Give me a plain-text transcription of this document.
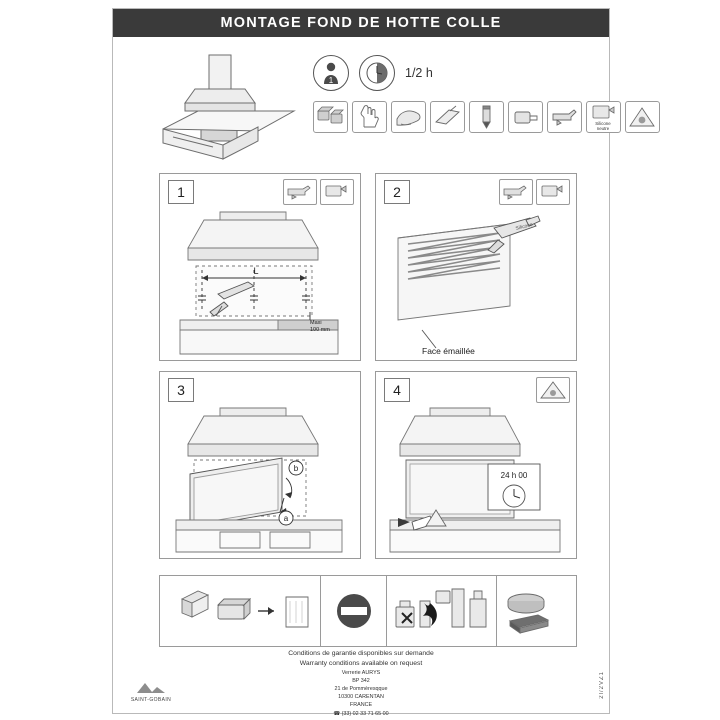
MONTAGE FOND DE HOTTE COLLE
1
1/2 h
Silicone
neutre
1
L
Maxi
100 mm
2
Silicone
Face émaillée
3
b
a
4
24 h 00
Conditions de garantie disponibles sur demande
Warranty conditions available on request
Verrerie AURYS
BP 342
21 de Pommèresqque
10300 CARENTAN
FRANCE
☎ (33) 02 33 71 65 00
SAINT-GOBAIN
2l/2VZ1
